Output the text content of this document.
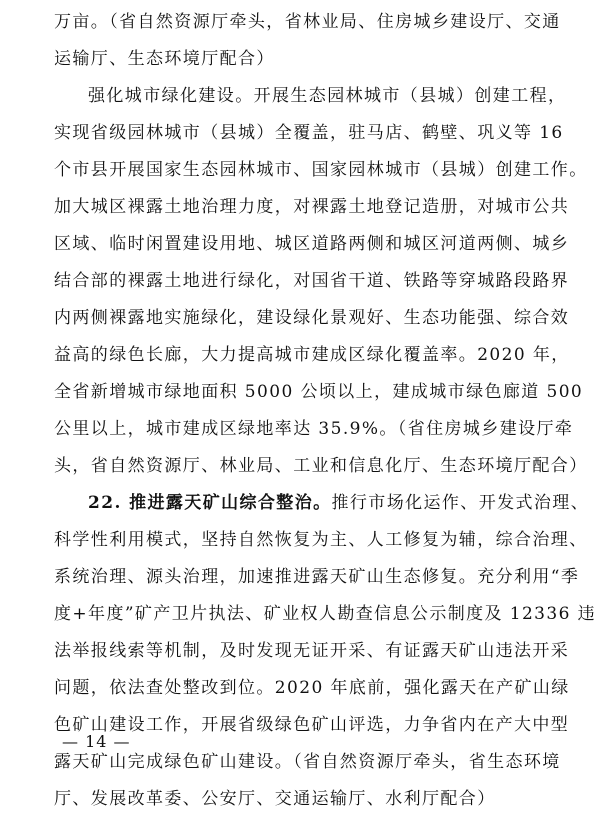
万亩。（省自然资源厅牵头，省林业局、住房城乡建设厅、交通
运输厅、生态环境厅配合）
强化城市绿化建设。开展生态园林城市（县城）创建工程，
实现省级园林城市（县城）全覆盖，驻马店、鹤壁、巩义等 16
个市县开展国家生态园林城市、国家园林城市（县城）创建工作。
加大城区裸露土地治理力度，对裸露土地登记造册，对城市公共
区域、临时闲置建设用地、城区道路两侧和城区河道两侧、城乡
结合部的裸露土地进行绿化，对国省干道、铁路等穿城路段路界
内两侧裸露地实施绿化，建设绿化景观好、生态功能强、综合效
益高的绿色长廊，大力提高城市建成区绿化覆盖率。2020 年，
全省新增城市绿地面积 5000 公顷以上，建成城市绿色廊道 500
公里以上，城市建成区绿地率达 35.9%。（省住房城乡建设厅牵
头，省自然资源厅、林业局、工业和信息化厅、生态环境厅配合）
22. 推进露天矿山综合整治。推行市场化运作、开发式治理、
科学性利用模式，坚持自然恢复为主、人工修复为辅，综合治理、
系统治理、源头治理，加速推进露天矿山生态修复。充分利用“季
度+年度”矿产卫片执法、矿业权人勘查信息公示制度及 12336 违
法举报线索等机制，及时发现无证开采、有证露天矿山违法开采
问题，依法查处整改到位。2020 年底前，强化露天在产矿山绿
色矿山建设工作，开展省级绿色矿山评选，力争省内在产大中型
露天矿山完成绿色矿山建设。（省自然资源厅牵头，省生态环境
厅、发展改革委、公安厅、交通运输厅、水利厅配合）
— 14 —
